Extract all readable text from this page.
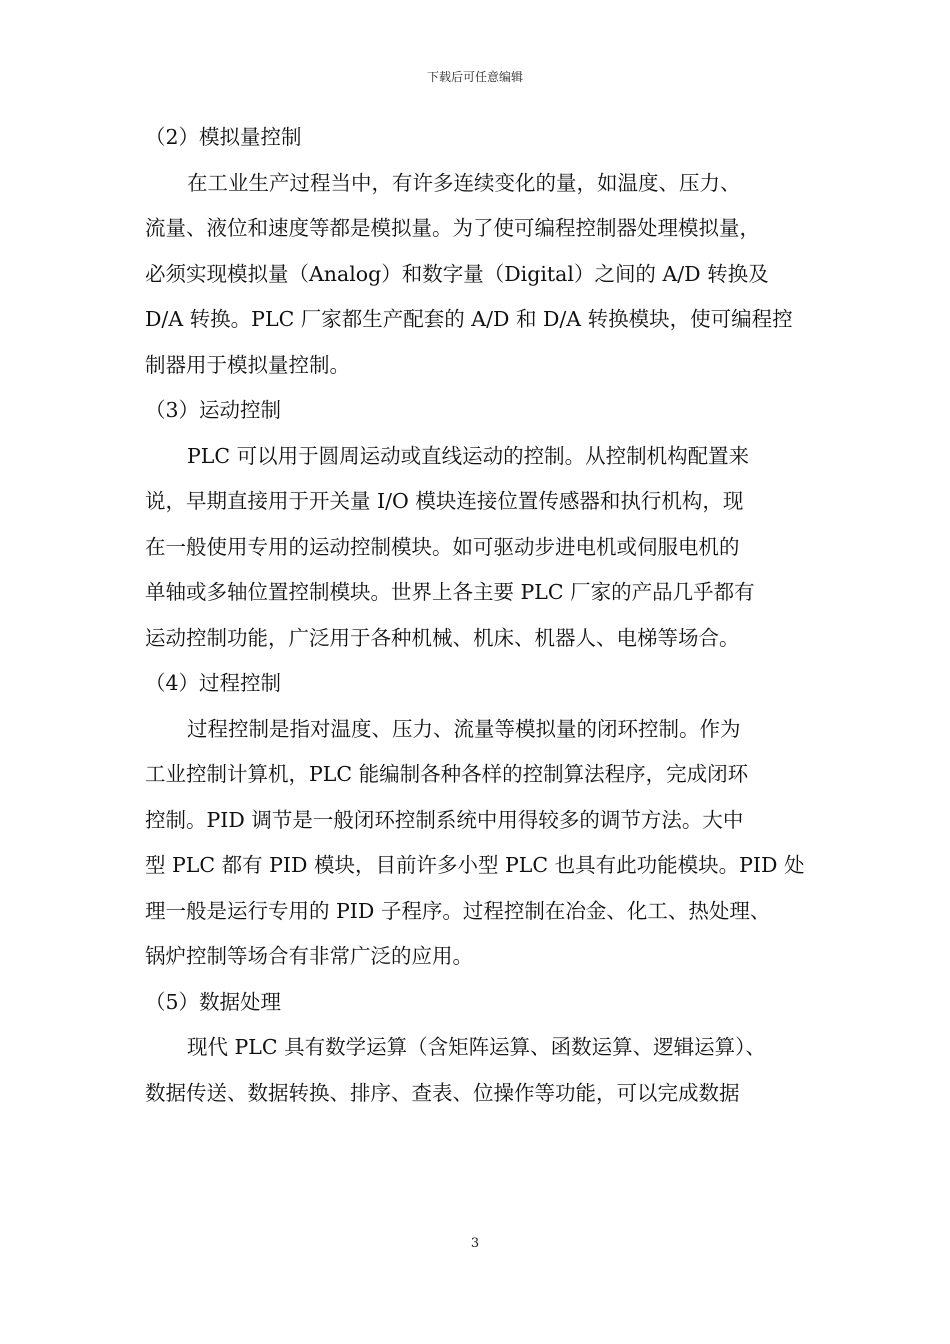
下载后可任意编辑

（2）模拟量控制

在工业生产过程当中，有许多连续变化的量，如温度、压力、
流量、液位和速度等都是模拟量。为了使可编程控制器处理模拟量，
必须实现模拟量（Analog）和数字量（Digital）之间的 A/D 转换及
D/A 转换。PLC 厂家都生产配套的 A/D 和 D/A 转换模块，使可编程控
制器用于模拟量控制。

（3）运动控制

PLC 可以用于圆周运动或直线运动的控制。从控制机构配置来
说，早期直接用于开关量 I/O 模块连接位置传感器和执行机构，现
在一般使用专用的运动控制模块。如可驱动步进电机或伺服电机的
单轴或多轴位置控制模块。世界上各主要 PLC 厂家的产品几乎都有
运动控制功能，广泛用于各种机械、机床、机器人、电梯等场合。

（4）过程控制

过程控制是指对温度、压力、流量等模拟量的闭环控制。作为
工业控制计算机，PLC 能编制各种各样的控制算法程序，完成闭环
控制。PID 调节是一般闭环控制系统中用得较多的调节方法。大中
型 PLC 都有 PID 模块，目前许多小型 PLC 也具有此功能模块。PID 处
理一般是运行专用的 PID 子程序。过程控制在冶金、化工、热处理、
锅炉控制等场合有非常广泛的应用。

（5）数据处理

现代 PLC 具有数学运算（含矩阵运算、函数运算、逻辑运算）、
数据传送、数据转换、排序、查表、位操作等功能，可以完成数据

3
